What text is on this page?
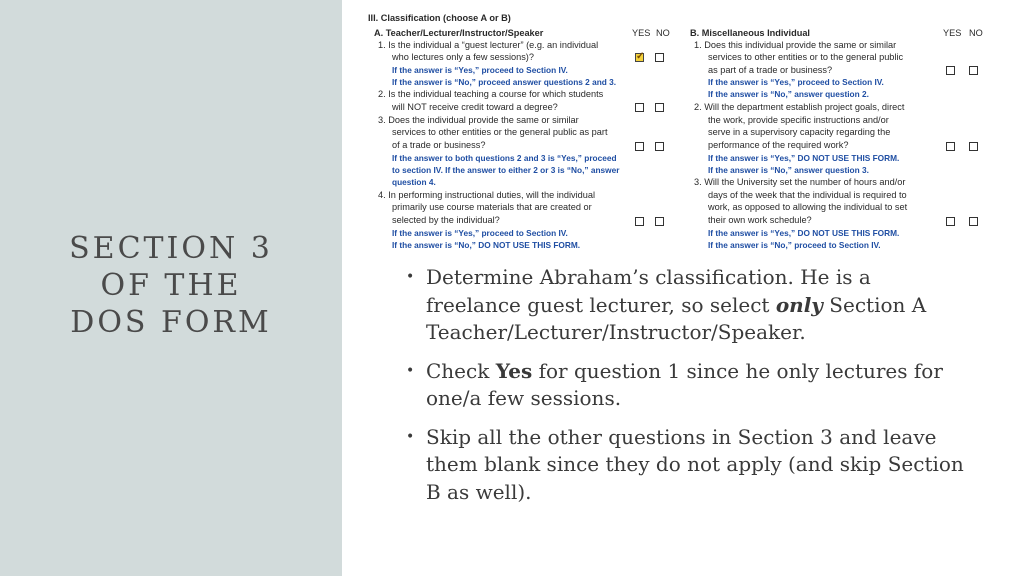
SECTION 3
OF THE
DOS FORM
III. Classification (choose A or B)
A. Teacher/Lecturer/Instructor/Speaker	YES NO
1. Is the individual a “guest lecturer” (e.g. an individual
who lectures only a few sessions)?
If the answer is “Yes,” proceed to Section IV.
If the answer is “No,” proceed answer questions 2 and 3.
2. Is the individual teaching a course for which students
will NOT receive credit toward a degree?
3. Does the individual provide the same or similar
services to other entities or the general public as part
of a trade or business?
If the answer to both questions 2 and 3 is “Yes,” proceed
to section IV. If the answer to either 2 or 3 is “No,” answer
question 4.
4. In performing instructional duties, will the individual
primarily use course materials that are created or
selected by the individual?
If the answer is “Yes,” proceed to Section IV.
If the answer is “No,” DO NOT USE THIS FORM.
✓
B. Miscellaneous Individual	YES NO
1. Does this individual provide the same or similar
services to other entities or to the general public
as part of a trade or business?
If the answer is “Yes,” proceed to Section IV.
If the answer is “No,” answer question 2.
2. Will the department establish project goals, direct
the work, provide specific instructions and/or
serve in a supervisory capacity regarding the
performance of the required work?
If the answer is “Yes,” DO NOT USE THIS FORM.
If the answer is “No,” answer question 3.
3. Will the University set the number of hours and/or
days of the week that the individual is required to
work, as opposed to allowing the individual to set
their own work schedule?
If the answer is “Yes,” DO NOT USE THIS FORM.
If the answer is “No,” proceed to Section IV.
• Determine Abraham’s classification. He is a freelance guest lecturer, so select only Section A Teacher/Lecturer/Instructor/Speaker.
• Check Yes for question 1 since he only lectures for one/a few sessions.
• Skip all the other questions in Section 3 and leave them blank since they do not apply (and skip Section B as well).
